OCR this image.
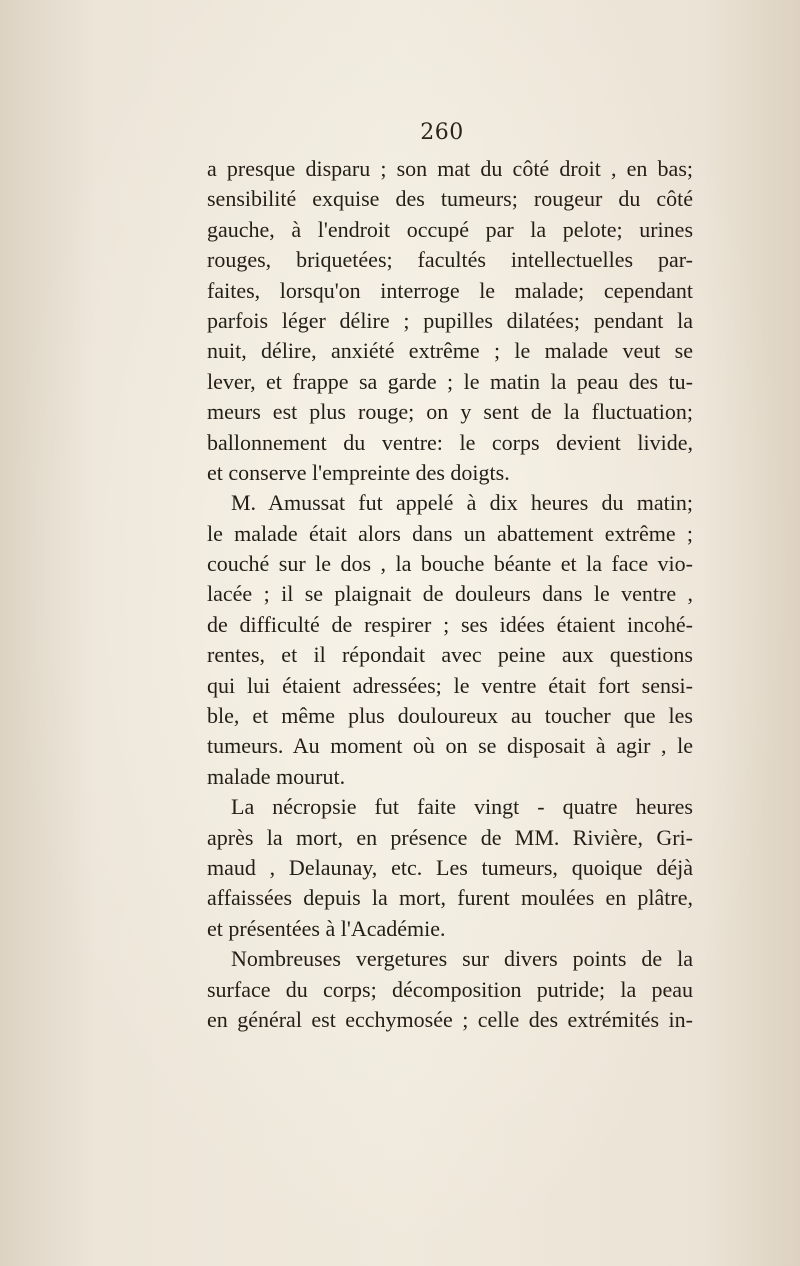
260
a presque disparu ; son mat du côté droit , en bas;
sensibilité exquise des tumeurs; rougeur du côté
gauche, à l'endroit occupé par la pelote; urines
rouges, briquetées; facultés intellectuelles par-
faites, lorsqu'on interroge le malade; cependant
parfois léger délire ; pupilles dilatées; pendant la
nuit, délire, anxiété extrême ; le malade veut se
lever, et frappe sa garde ; le matin la peau des tu-
meurs est plus rouge; on y sent de la fluctuation;
ballonnement du ventre: le corps devient livide,
et conserve l'empreinte des doigts.
M. Amussat fut appelé à dix heures du matin;
le malade était alors dans un abattement extrême ;
couché sur le dos , la bouche béante et la face vio-
lacée ; il se plaignait de douleurs dans le ventre ,
de difficulté de respirer ; ses idées étaient incohé-
rentes, et il répondait avec peine aux questions
qui lui étaient adressées; le ventre était fort sensi-
ble, et même plus douloureux au toucher que les
tumeurs. Au moment où on se disposait à agir , le
malade mourut.
La nécropsie fut faite vingt - quatre heures
après la mort, en présence de MM. Rivière, Gri-
maud , Delaunay, etc. Les tumeurs, quoique déjà
affaissées depuis la mort, furent moulées en plâtre,
et présentées à l'Académie.
Nombreuses vergetures sur divers points de la
surface du corps; décomposition putride; la peau
en général est ecchymosée ; celle des extrémités in-
